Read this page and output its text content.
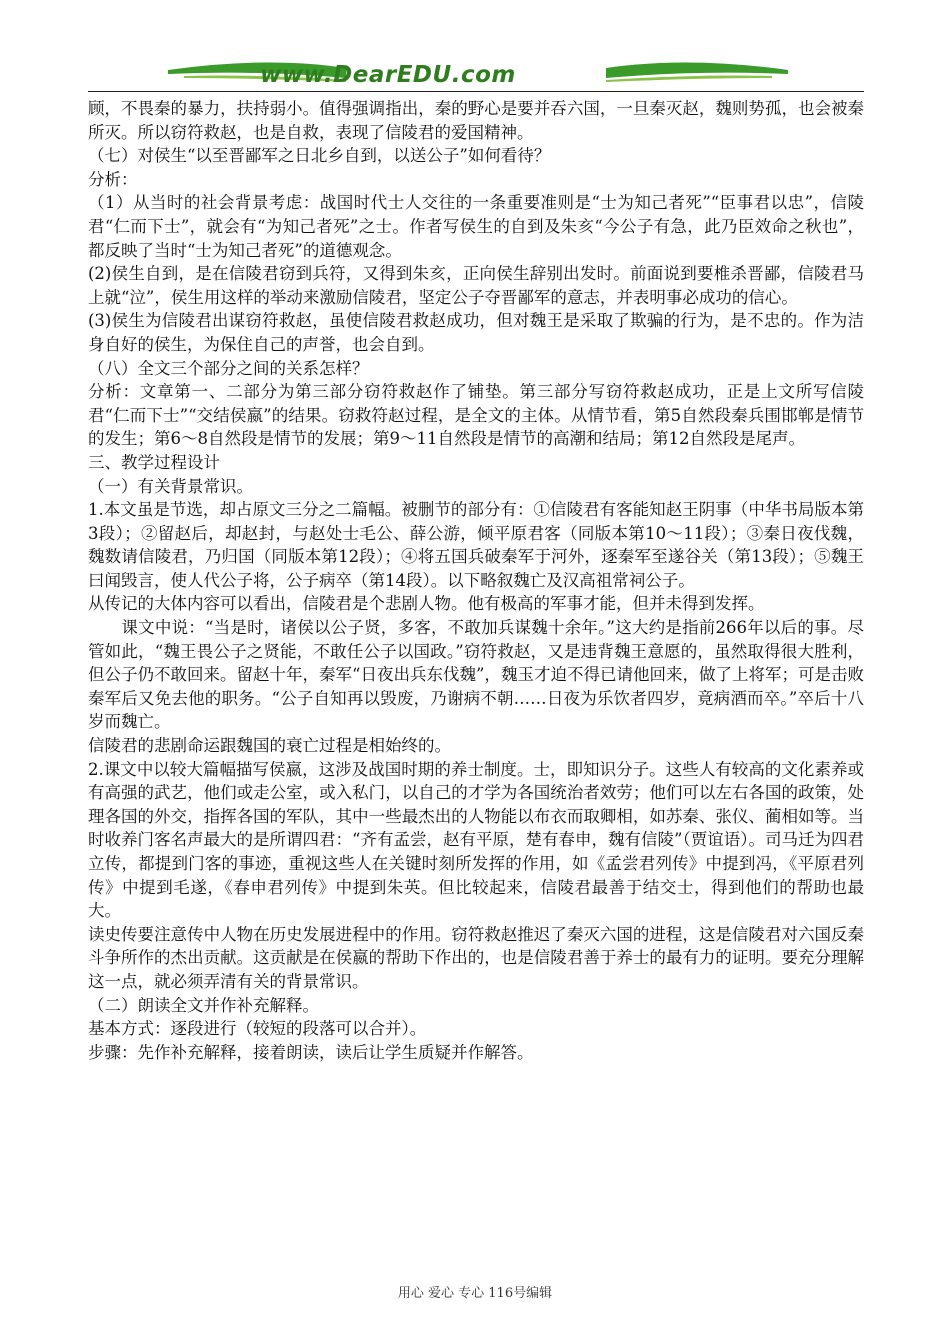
www.DearEDU.com

顾，不畏秦的暴力，扶持弱小。值得强调指出，秦的野心是要并吞六国，一旦秦灭赵，魏则势孤，也会被秦所灭。所以窃符救赵，也是自救，表现了信陵君的爱国精神。

（七）对侯生“以至晋鄙军之日北乡自到，以送公子”如何看待？

分析：

（1）从当时的社会背景考虑：战国时代士人交往的一条重要准则是“士为知己者死”“臣事君以忠”，信陵君“仁而下士”，就会有“为知己者死”之士。作者写侯生的自到及朱亥“今公子有急，此乃臣效命之秋也”，都反映了当时“士为知己者死”的道德观念。

(2)侯生自到，是在信陵君窃到兵符，又得到朱亥，正向侯生辞别出发时。前面说到要椎杀晋鄙，信陵君马上就“泣”，侯生用这样的举动来激励信陵君，坚定公子夺晋鄙军的意志，并表明事必成功的信心。

(3)侯生为信陵君出谋窃符救赵，虽使信陵君救赵成功，但对魏王是采取了欺骗的行为，是不忠的。作为洁身自好的侯生，为保住自己的声誉，也会自到。

（八）全文三个部分之间的关系怎样？

分析：文章第一、二部分为第三部分窃符救赵作了铺垫。第三部分写窃符救赵成功，正是上文所写信陵君“仁而下士”“交结侯嬴”的结果。窃救符赵过程，是全文的主体。从情节看，第5自然段秦兵围邯郸是情节的发生；第6～8自然段是情节的发展；第9～11自然段是情节的高潮和结局；第12自然段是尾声。

三、教学过程设计

（一）有关背景常识。

1.本文虽是节选，却占原文三分之二篇幅。被删节的部分有：①信陵君有客能知赵王阴事（中华书局版本第3段）；②留赵后，却赵封，与赵处士毛公、薛公游，倾平原君客（同版本第10～11段）；③秦日夜伐魏，魏数请信陵君，乃归国（同版本第12段）；④将五国兵破秦军于河外，逐秦军至遂谷关（第13段）；⑤魏王曰闻毁言，使人代公子将，公子病卒（第14段）。以下略叙魏亡及汉高祖常祠公子。

从传记的大体内容可以看出，信陵君是个悲剧人物。他有极高的军事才能，但并未得到发挥。

　　课文中说：“当是时，诸侯以公子贤，多客，不敢加兵谋魏十余年。”这大约是指前266年以后的事。尽管如此，“魏王畏公子之贤能，不敢任公子以国政。”窃符救赵，又是违背魏王意愿的，虽然取得很大胜利，但公子仍不敢回来。留赵十年，秦军“日夜出兵东伐魏”，魏玉才迫不得已请他回来，做了上将军；可是击败秦军后又免去他的职务。“公子自知再以毁废，乃谢病不朝……日夜为乐饮者四岁，竟病酒而卒。”卒后十八岁而魏亡。

信陵君的悲剧命运跟魏国的衰亡过程是相始终的。

2.课文中以较大篇幅描写侯嬴，这涉及战国时期的养士制度。士，即知识分子。这些人有较高的文化素养或有高强的武艺，他们或走公室，或入私门，以自己的才学为各国统治者效劳；他们可以左右各国的政策，处理各国的外交，指挥各国的军队，其中一些最杰出的人物能以布衣而取卿相，如苏秦、张仪、蔺相如等。当时收养门客名声最大的是所谓四君：“齐有孟尝，赵有平原，楚有春申，魏有信陵”（贾谊语）。司马迁为四君立传，都提到门客的事迹，重视这些人在关键时刻所发挥的作用，如《孟尝君列传》中提到冯，《平原君列传》中提到毛遂，《春申君列传》中提到朱英。但比较起来，信陵君最善于结交士，得到他们的帮助也最大。

读史传要注意传中人物在历史发展进程中的作用。窃符救赵推迟了秦灭六国的进程，这是信陵君对六国反秦斗争所作的杰出贡献。这贡献是在侯嬴的帮助下作出的，也是信陵君善于养士的最有力的证明。要充分理解这一点，就必须弄清有关的背景常识。

（二）朗读全文并作补充解释。

基本方式：逐段进行（较短的段落可以合并）。

步骤：先作补充解释，接着朗读，读后让学生质疑并作解答。

用心 爱心 专心 116号编辑
